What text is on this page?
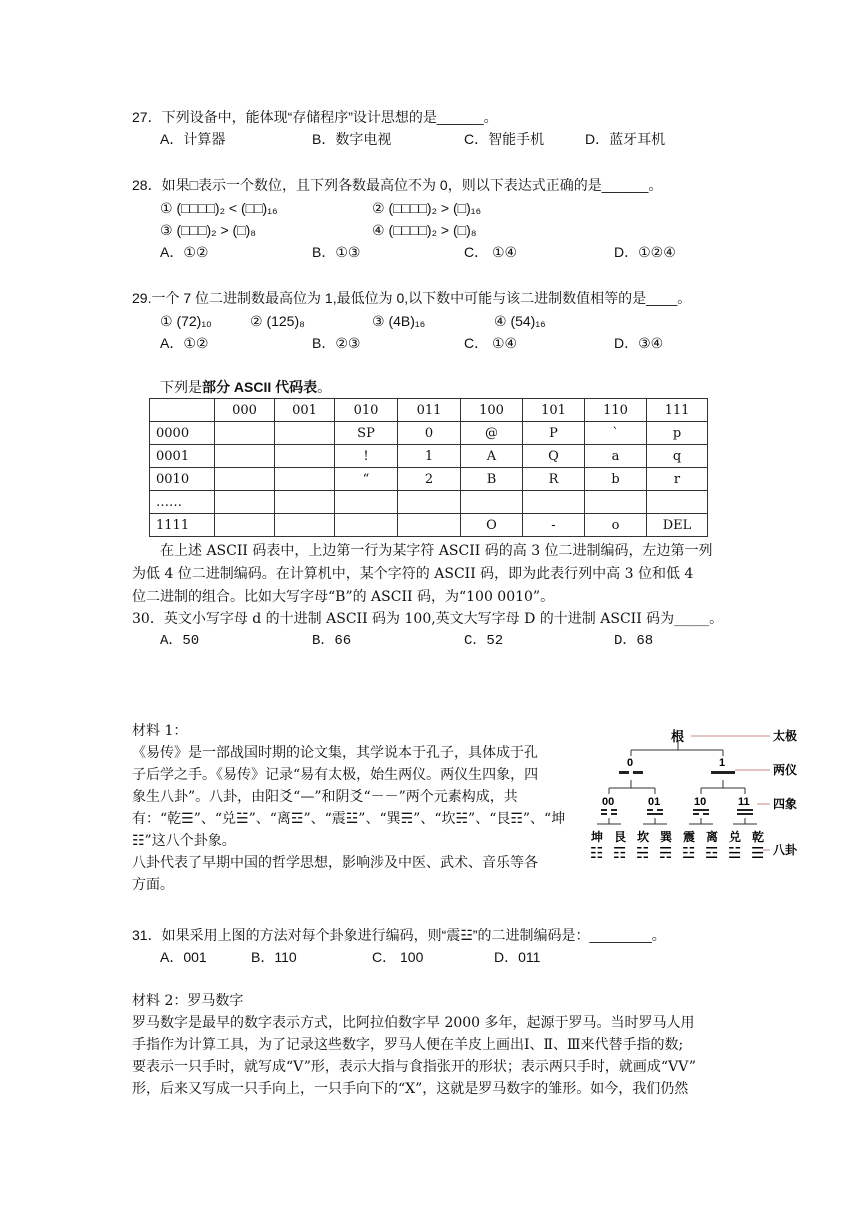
27．下列设备中，能体现“存储程序”设计思想的是______。
A．计算器	B．数字电视	C．智能手机	D．蓝牙耳机
28．如果□表示一个数位，且下列各数最高位不为 0，则以下表达式正确的是______。
① (□□□□)₂ < (□□)₁₆	② (□□□□)₂ > (□)₁₆
③ (□□□)₂ > (□)₈	④ (□□□□)₂ > (□)₈
A．①②	B．①③	C． ①④	D．①②④
29.一个 7 位二进制数最高位为 1,最低位为 0,以下数中可能与该二进制数值相等的是____。
① (72)₁₀	② (125)₈	③ (4B)₁₆	④ (54)₁₆
A．①②	B．②③	C． ①④	D．③④
下列是部分 ASCII 代码表。
	000	001	010	011	100	101	110	111
0000			SP	0	@	P	`	p
0001			!	1	A	Q	a	q
0010			“	2	B	R	b	r
……								
1111					O	-	o	DEL
在上述 ASCII 码表中，上边第一行为某字符 ASCII 码的高 3 位二进制编码，左边第一列
为低 4 位二进制编码。在计算机中，某个字符的 ASCII 码，即为此表行列中高 3 位和低 4
位二进制的组合。比如大写字母“B”的 ASCII 码，为“100 0010”。
30．英文小写字母 d 的十进制 ASCII 码为 100,英文大写字母 D 的十进制 ASCII 码为_____。
A．50	B．66	C．52	D．68
材料 1：
《易传》是一部战国时期的论文集，其学说本于孔子，具体成于孔
子后学之手。《易传》记录“易有太极，始生两仪。两仪生四象，四
象生八卦”。八卦，由阳爻“—”和阴爻“－－”两个元素构成，共
有：“乾☰”、“兑☱”、“离☲”、“震☳”、“巽☴”、“坎☵”、“艮☶”、“坤
☷”这八个卦象。
八卦代表了早期中国的哲学思想，影响涉及中医、武术、音乐等各
方面。
根
0	1
00	01	10	11
坤 艮 坎 巽 震 离 兑 乾
☷ ☶ ☵ ☴ ☳ ☲ ☱ ☰
太极
两仪
四象
八卦
31．如果采用上图的方法对每个卦象进行编码，则“震☳”的二进制编码是：________。
A．001	B．110	C． 100	D．011
材料 2：罗马数字
罗马数字是最早的数字表示方式，比阿拉伯数字早 2000 多年，起源于罗马。当时罗马人用
手指作为计算工具，为了记录这些数字，罗马人便在羊皮上画出Ⅰ、Ⅱ、Ⅲ来代替手指的数;
要表示一只手时，就写成“V”形，表示大指与食指张开的形状；表示两只手时，就画成“VV”
形，后来又写成一只手向上，一只手向下的“X”，这就是罗马数字的雏形。如今，我们仍然
